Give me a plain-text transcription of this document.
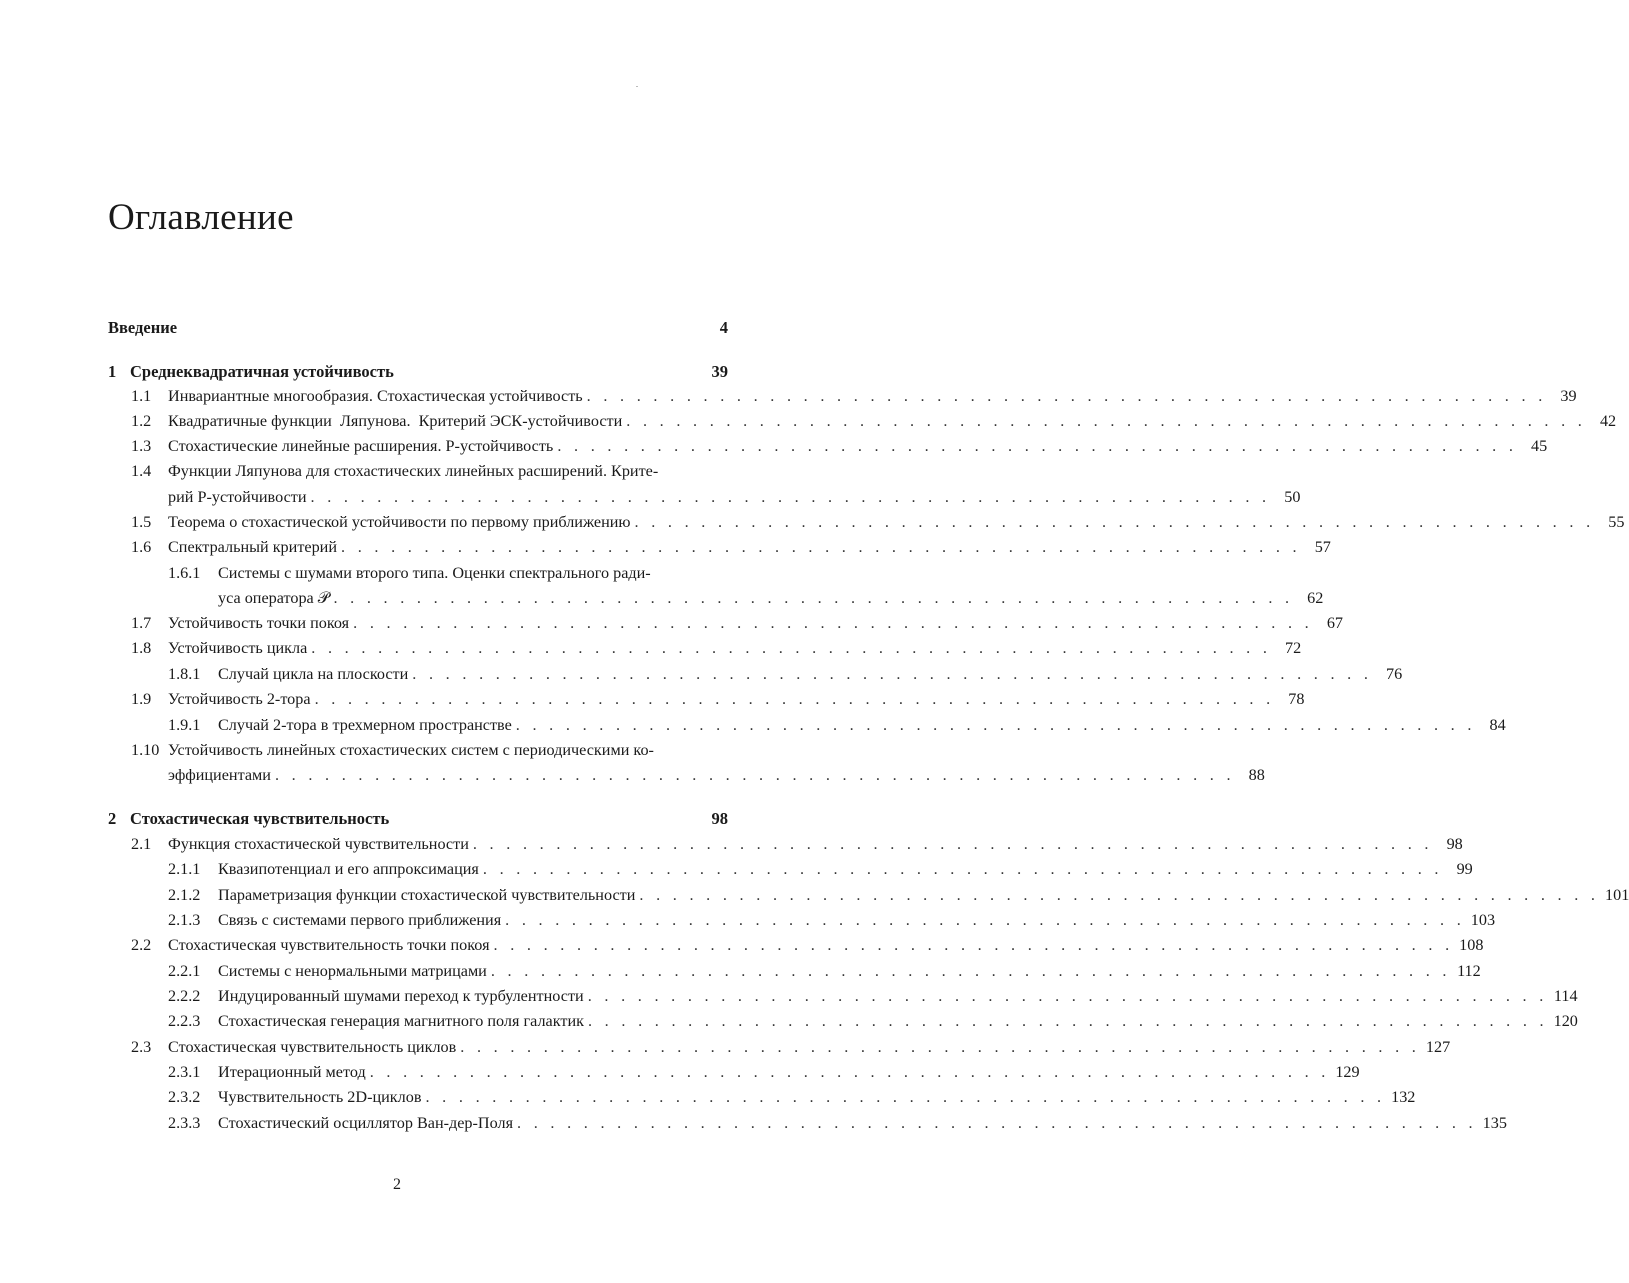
Оглавление
Введение	4
1 Среднеквадратичная устойчивость	39
1.1 Инвариантные многообразия. Стохастическая устойчивость . . . . . . . . . . . . . . . . . . . . . . . . . . . . . . . . . . . . . . . . . . . . . . . . . . . . . . . . . . 39
1.2 Квадратичные функции  Ляпунова.  Критерий ЭСК-устойчивости . . . . . . . . . . . . . . . . . . . . . . . . . . . . . . . . . . . . . . . . . . . . . . . . . . . . . . . . . . 42
1.3 Стохастические линейные расширения. P-устойчивость . . . . . . . . . . . . . . . . . . . . . . . . . . . . . . . . . . . . . . . . . . . . . . . . . . . . . . . . . . 45
1.4 Функции Ляпунова для стохастических линейных расширений. Крите-
рий P-устойчивости . . . . . . . . . . . . . . . . . . . . . . . . . . . . . . . . . . . . . . . . . . . . . . . . . . . . . . . . . . 50
1.5 Теорема о стохастической устойчивости по первому приближению . . . . . . . . . . . . . . . . . . . . . . . . . . . . . . . . . . . . . . . . . . . . . . . . . . . . . . . . . . 55
1.6 Спектральный критерий . . . . . . . . . . . . . . . . . . . . . . . . . . . . . . . . . . . . . . . . . . . . . . . . . . . . . . . . . . 57
1.6.1 Системы с шумами второго типа. Оценки спектрального ради-
уса оператора 𝒫 . . . . . . . . . . . . . . . . . . . . . . . . . . . . . . . . . . . . . . . . . . . . . . . . . . . . . . . . . . 62
1.7 Устойчивость точки покоя . . . . . . . . . . . . . . . . . . . . . . . . . . . . . . . . . . . . . . . . . . . . . . . . . . . . . . . . . . 67
1.8 Устойчивость цикла . . . . . . . . . . . . . . . . . . . . . . . . . . . . . . . . . . . . . . . . . . . . . . . . . . . . . . . . . . 72
1.8.1 Случай цикла на плоскости . . . . . . . . . . . . . . . . . . . . . . . . . . . . . . . . . . . . . . . . . . . . . . . . . . . . . . . . . . 76
1.9 Устойчивость 2-тора . . . . . . . . . . . . . . . . . . . . . . . . . . . . . . . . . . . . . . . . . . . . . . . . . . . . . . . . . . 78
1.9.1 Случай 2-тора в трехмерном пространстве . . . . . . . . . . . . . . . . . . . . . . . . . . . . . . . . . . . . . . . . . . . . . . . . . . . . . . . . . . 84
1.10 Устойчивость линейных стохастических систем с периодическими ко-
эффициентами . . . . . . . . . . . . . . . . . . . . . . . . . . . . . . . . . . . . . . . . . . . . . . . . . . . . . . . . . . 88
2 Стохастическая чувствительность	98
2.1 Функция стохастической чувствительности . . . . . . . . . . . . . . . . . . . . . . . . . . . . . . . . . . . . . . . . . . . . . . . . . . . . . . . . . . 98
2.1.1 Квазипотенциал и его аппроксимация . . . . . . . . . . . . . . . . . . . . . . . . . . . . . . . . . . . . . . . . . . . . . . . . . . . . . . . . . . 99
2.1.2 Параметризация функции стохастической чувствительности . . . . . . . . . . . . . . . . . . . . . . . . . . . . . . . . . . . . . . . . . . . . . . . . . . . . . . . . . . 101
2.1.3 Связь с системами первого приближения . . . . . . . . . . . . . . . . . . . . . . . . . . . . . . . . . . . . . . . . . . . . . . . . . . . . . . . . . . 103
2.2 Стохастическая чувствительность точки покоя . . . . . . . . . . . . . . . . . . . . . . . . . . . . . . . . . . . . . . . . . . . . . . . . . . . . . . . . . . 108
2.2.1 Системы с ненормальными матрицами . . . . . . . . . . . . . . . . . . . . . . . . . . . . . . . . . . . . . . . . . . . . . . . . . . . . . . . . . . 112
2.2.2 Индуцированный шумами переход к турбулентности . . . . . . . . . . . . . . . . . . . . . . . . . . . . . . . . . . . . . . . . . . . . . . . . . . . . . . . . . . 114
2.2.3 Стохастическая генерация магнитного поля галактик . . . . . . . . . . . . . . . . . . . . . . . . . . . . . . . . . . . . . . . . . . . . . . . . . . . . . . . . . . 120
2.3 Стохастическая чувствительность циклов . . . . . . . . . . . . . . . . . . . . . . . . . . . . . . . . . . . . . . . . . . . . . . . . . . . . . . . . . . 127
2.3.1 Итерационный метод . . . . . . . . . . . . . . . . . . . . . . . . . . . . . . . . . . . . . . . . . . . . . . . . . . . . . . . . . . 129
2.3.2 Чувствительность 2D-циклов . . . . . . . . . . . . . . . . . . . . . . . . . . . . . . . . . . . . . . . . . . . . . . . . . . . . . . . . . . 132
2.3.3 Стохастический осциллятор Ван-дер-Поля . . . . . . . . . . . . . . . . . . . . . . . . . . . . . . . . . . . . . . . . . . . . . . . . . . . . . . . . . . 135
2
